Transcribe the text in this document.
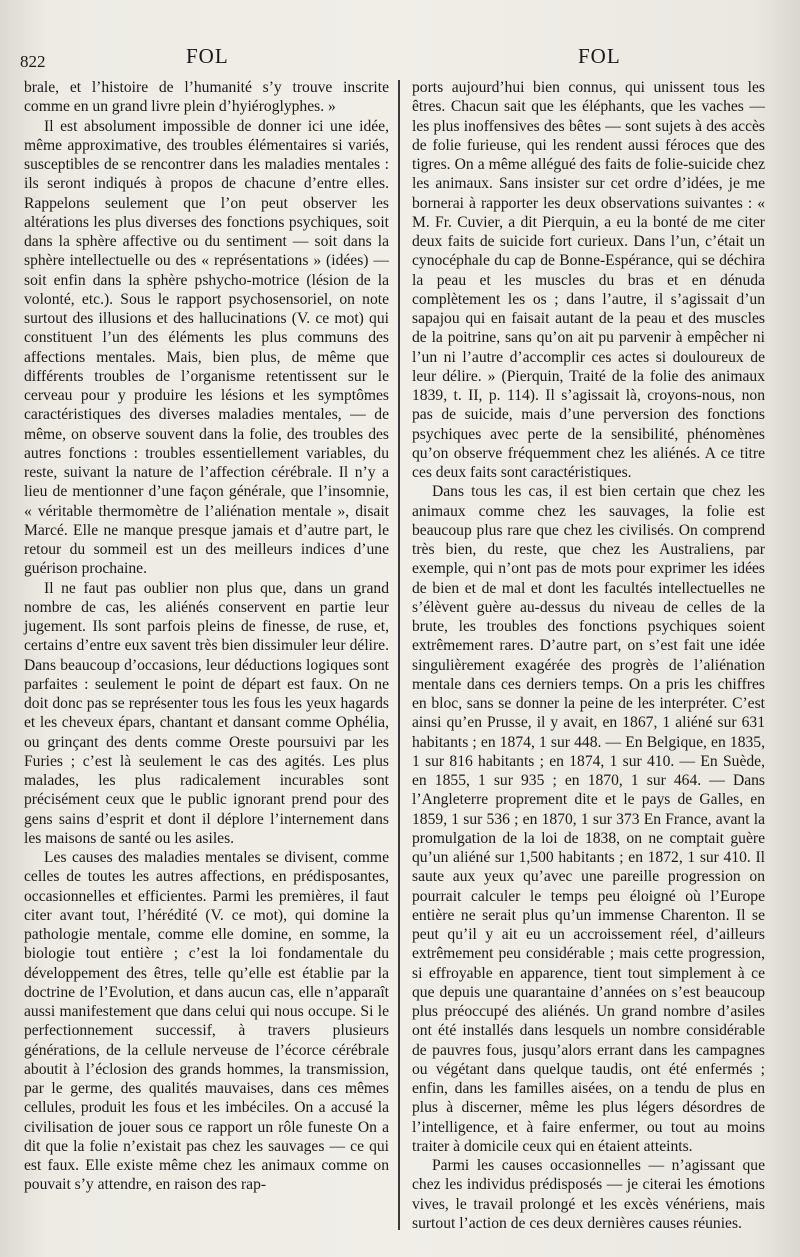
822	FOL	FOL

brale, et l’histoire de l’humanité s’y trouve inscrite comme en un grand livre plein d’hyiéroglyphes. »

Il est absolument impossible de donner ici une idée, même approximative, des troubles élémentaires si variés, susceptibles de se rencontrer dans les maladies mentales : ils seront indiqués à propos de chacune d’entre elles. Rappelons seulement que l’on peut observer les altérations les plus diverses des fonctions psychiques, soit dans la sphère affective ou du sentiment — soit dans la sphère intellectuelle ou des « représentations » (idées) — soit enfin dans la sphère pshycho-motrice (lésion de la volonté, etc.). Sous le rapport psychosensoriel, on note surtout des illusions et des hallucinations (V. ce mot) qui constituent l’un des éléments les plus communs des affections mentales. Mais, bien plus, de même que différents troubles de l’organisme retentissent sur le cerveau pour y produire les lésions et les symptômes caractéristiques des diverses maladies mentales, — de même, on observe souvent dans la folie, des troubles des autres fonctions : troubles essentiellement variables, du reste, suivant la nature de l’affection cérébrale. Il n’y a lieu de mentionner d’une façon générale, que l’insomnie, « véritable thermomètre de l’aliénation mentale », disait Marcé. Elle ne manque presque jamais et d’autre part, le retour du sommeil est un des meilleurs indices d’une guérison prochaine.

Il ne faut pas oublier non plus que, dans un grand nombre de cas, les aliénés conservent en partie leur jugement. Ils sont parfois pleins de finesse, de ruse, et, certains d’entre eux savent très bien dissimuler leur délire. Dans beaucoup d’occasions, leur déductions logiques sont parfaites : seulement le point de départ est faux. On ne doit donc pas se représenter tous les fous les yeux hagards et les cheveux épars, chantant et dansant comme Ophélia, ou grinçant des dents comme Oreste poursuivi par les Furies ; c’est là seulement le cas des agités. Les plus malades, les plus radicalement incurables sont précisément ceux que le public ignorant prend pour des gens sains d’esprit et dont il déplore l’internement dans les maisons de santé ou les asiles.

Les causes des maladies mentales se divisent, comme celles de toutes les autres affections, en prédisposantes, occasionnelles et efficientes. Parmi les premières, il faut citer avant tout, l’hérédité (V. ce mot), qui domine la pathologie mentale, comme elle domine, en somme, la biologie tout entière ; c’est la loi fondamentale du développement des êtres, telle qu’elle est établie par la doctrine de l’Evolution, et dans aucun cas, elle n’apparaît aussi manifestement que dans celui qui nous occupe. Si le perfectionnement successif, à travers plusieurs générations, de la cellule nerveuse de l’écorce cérébrale aboutit à l’éclosion des grands hommes, la transmission, par le germe, des qualités mauvaises, dans ces mêmes cellules, produit les fous et les imbéciles. On a accusé la civilisation de jouer sous ce rapport un rôle funeste On a dit que la folie n’existait pas chez les sauvages — ce qui est faux. Elle existe même chez les animaux comme on pouvait s’y attendre, en raison des rap-

ports aujourd’hui bien connus, qui unissent tous les êtres. Chacun sait que les éléphants, que les vaches — les plus inoffensives des bêtes — sont sujets à des accès de folie furieuse, qui les rendent aussi féroces que des tigres. On a même allégué des faits de folie-suicide chez les animaux. Sans insister sur cet ordre d’idées, je me bornerai à rapporter les deux observations suivantes : « M. Fr. Cuvier, a dit Pierquin, a eu la bonté de me citer deux faits de suicide fort curieux. Dans l’un, c’était un cynocéphale du cap de Bonne-Espérance, qui se déchira la peau et les muscles du bras et en dénuda complètement les os ; dans l’autre, il s’agissait d’un sapajou qui en faisait autant de la peau et des muscles de la poitrine, sans qu’on ait pu parvenir à empêcher ni l’un ni l’autre d’accomplir ces actes si douloureux de leur délire. » (Pierquin, Traité de la folie des animaux 1839, t. II, p. 114). Il s’agissait là, croyons-nous, non pas de suicide, mais d’une perversion des fonctions psychiques avec perte de la sensibilité, phénomènes qu’on observe fréquemment chez les aliénés. A ce titre ces deux faits sont caractéristiques.

Dans tous les cas, il est bien certain que chez les animaux comme chez les sauvages, la folie est beaucoup plus rare que chez les civilisés. On comprend très bien, du reste, que chez les Australiens, par exemple, qui n’ont pas de mots pour exprimer les idées de bien et de mal et dont les facultés intellectuelles ne s’élèvent guère au-dessus du niveau de celles de la brute, les troubles des fonctions psychiques soient extrêmement rares. D’autre part, on s’est fait une idée singulièrement exagérée des progrès de l’aliénation mentale dans ces derniers temps. On a pris les chiffres en bloc, sans se donner la peine de les interpréter. C’est ainsi qu’en Prusse, il y avait, en 1867, 1 aliéné sur 631 habitants ; en 1874, 1 sur 448. — En Belgique, en 1835, 1 sur 816 habitants ; en 1874, 1 sur 410. — En Suède, en 1855, 1 sur 935 ; en 1870, 1 sur 464. — Dans l’Angleterre proprement dite et le pays de Galles, en 1859, 1 sur 536 ; en 1870, 1 sur 373 En France, avant la promulgation de la loi de 1838, on ne comptait guère qu’un aliéné sur 1,500 habitants ; en 1872, 1 sur 410. Il saute aux yeux qu’avec une pareille progression on pourrait calculer le temps peu éloigné où l’Europe entière ne serait plus qu’un immense Charenton. Il se peut qu’il y ait eu un accroissement réel, d’ailleurs extrêmement peu considérable ; mais cette progression, si effroyable en apparence, tient tout simplement à ce que depuis une quarantaine d’années on s’est beaucoup plus préoccupé des aliénés. Un grand nombre d’asiles ont été installés dans lesquels un nombre considérable de pauvres fous, jusqu’alors errant dans les campagnes ou végétant dans quelque taudis, ont été enfermés ; enfin, dans les familles aisées, on a tendu de plus en plus à discerner, même les plus légers désordres de l’intelligence, et à faire enfermer, ou tout au moins traiter à domicile ceux qui en étaient atteints.

Parmi les causes occasionnelles — n’agissant que chez les individus prédisposés — je citerai les émotions vives, le travail prolongé et les excès vénériens, mais surtout l’action de ces deux dernières causes réunies.
